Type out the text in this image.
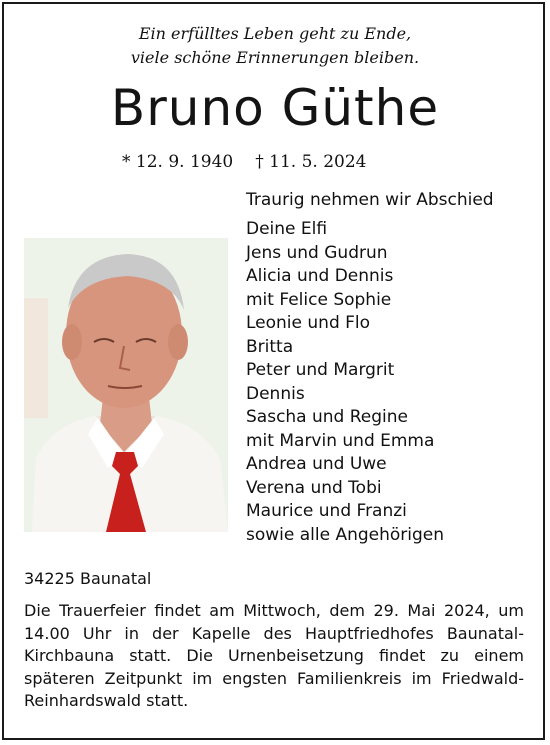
Ein erfülltes Leben geht zu Ende,
viele schöne Erinnerungen bleiben.
Bruno Güthe
* 12. 9. 1940 † 11. 5. 2024
Traurig nehmen wir Abschied
Deine Elfi
Jens und Gudrun
Alicia und Dennis
mit Felice Sophie
Leonie und Flo
Britta
Peter und Margrit
Dennis
Sascha und Regine
mit Marvin und Emma
Andrea und Uwe
Verena und Tobi
Maurice und Franzi
sowie alle Angehörigen
34225 Baunatal
Die Trauerfeier findet am Mittwoch, dem 29. Mai 2024, um 14.00 Uhr in der Kapelle des Hauptfriedhofes Baunatal-Kirchbauna statt. Die Urnenbeisetzung findet zu einem späteren Zeitpunkt im engsten Familienkreis im Friedwald-Reinhardswald statt.
